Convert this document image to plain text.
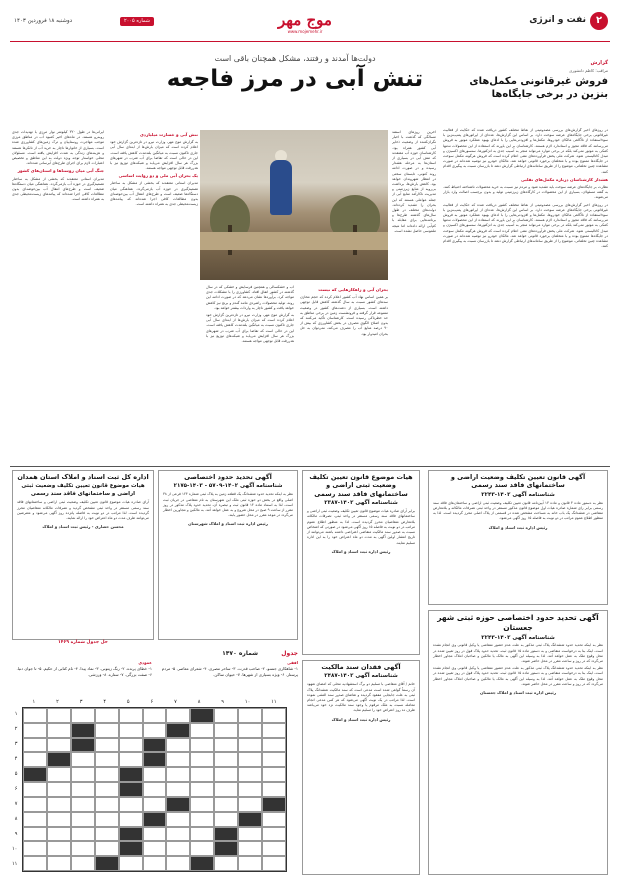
۲
نفت و انرژی
موج مهر
www.mojemehr.ir
شماره ۲۰۰۵
دوشنبه ۱۸ فروردین ۱۴۰۳
گزارش
مراقب: کاظم دانشوری
فروش غیرقانونی مکمل‌های بنزین در برخی جایگاه‌ها

در روزهای اخیر گزارش‌های بررسی مصدومیتی از نقاط مختلف کشور دریافت شده که حکایت از فعالیت غیرقانونی برخی جایگاه‌های عرضه سوخت دارد. بر اساس این گزارش‌ها، عده‌ای از اپراتورهای پمپ‌بنزین با سوءاستفاده از ناآگاهی مالکان خودروها، مکمل‌ها و افزودنی‌هایی را با ادعای بهبود عملکرد موتور به فروش می‌رسانند که فاقد مجوز و استاندارد لازم هستند. کارشناسان بر این باورند که استفاده از این محصولات نه‌تنها کمکی به موتور نمی‌کند بلکه در برخی موارد می‌تواند منجر به آسیب جدی به انژکتورها، سنسورهای اکسیژن و مبدل کاتالیستی شود. شرکت ملی پخش فرآورده‌های نفتی اعلام کرده است که فروش هرگونه مکمل سوخت در جایگاه‌ها ممنوع بوده و با متخلفان برخورد قانونی خواهد شد. مالکان خودرو نیز توصیه شده‌اند در صورت مشاهده چنین تخلفاتی، موضوع را از طریق سامانه‌های ارتباطی گزارش دهند تا بازرسان نسبت به پیگیری اقدام کنند.

هشدار کارشناسان درباره مکمل‌های تقلبی

نظارت بر جایگاه‌های عرضه سوخت باید تشدید شود و مردم نیز نسبت به خرید محصولات ناشناخته احتیاط کنند. به گفته مسئولان، بسیاری از این محصولات در کارگاه‌های زیرزمینی تولید و بدون برچسب اصالت وارد بازار می‌شوند.

در روزهای اخیر گزارش‌های بررسی مصدومیتی از نقاط مختلف کشور دریافت شده که حکایت از فعالیت غیرقانونی برخی جایگاه‌های عرضه سوخت دارد. بر اساس این گزارش‌ها، عده‌ای از اپراتورهای پمپ‌بنزین با سوءاستفاده از ناآگاهی مالکان خودروها، مکمل‌ها و افزودنی‌هایی را با ادعای بهبود عملکرد موتور به فروش می‌رسانند که فاقد مجوز و استاندارد لازم هستند. کارشناسان بر این باورند که استفاده از این محصولات نه‌تنها کمکی به موتور نمی‌کند بلکه در برخی موارد می‌تواند منجر به آسیب جدی به انژکتورها، سنسورهای اکسیژن و مبدل کاتالیستی شود. شرکت ملی پخش فرآورده‌های نفتی اعلام کرده است که فروش هرگونه مکمل سوخت در جایگاه‌ها ممنوع بوده و با متخلفان برخورد قانونی خواهد شد. مالکان خودرو نیز توصیه شده‌اند در صورت مشاهده چنین تخلفاتی، موضوع را از طریق سامانه‌های ارتباطی گزارش دهند تا بازرسان نسبت به پیگیری اقدام کنند.

دولت‌ها آمدند و رفتند، مشکل همچنان باقی است
تنش آبی در مرز فاجعه

آخرین روزهای اسفند مسالگی که گذشت با اخبار نگران‌کننده از وضعیت ذخایر آبی کشور همراه بود. کارشناسان حوزه آب معتقدند که تنش آبی در بسیاری از استان‌ها به مرحله هشدار رسیده و در صورت ادامه روند کنونی، تابستان سختی در انتظار شهروندان خواهد بود. کاهش بارش‌ها، برداشت بی‌رویه از منابع زیرزمینی و مدیریت ناکارآمد منابع آبی از جمله عواملی هستند که این بحران را تشدید کرده‌اند. دولت‌های مختلف در طول سال‌های گذشته طرح‌ها و برنامه‌هایی برای مقابله با کم‌آبی ارائه داده‌اند اما نتیجه ملموسی حاصل نشده است.

بحران آبی و راهکارهایی که نیست

بر همین اساس نهاد آب کشور اعلام کرده که حجم مخازن سدهای کشور نسبت به سال گذشته کاهش قابل توجهی داشته است. بسیاری از دشت‌های کشور در وضعیت ممنوعه قرار گرفته و فرونشست زمین در برخی مناطق به حد خطرناکی رسیده است. کارشناسان تأکید می‌کنند که بدون اصلاح الگوی مصرف در بخش کشاورزی که بیش از ۹۰ درصد منابع آب را مصرف می‌کند، نمی‌توان به حل بحران امیدوار بود.

آب و خشکسالی و همچنین فرسایش و خشکی که در سال گذشته در کشور اتفاق افتاد، کشاورزی را با مشکلات جدی مواجه کرد. برآوردها نشان می‌دهد که در صورت ادامه این روند، تولید محصولات راهبردی مانند گندم و برنج نیز کاهش خواهد یافت و کشور ناچار به واردات بیشتر خواهد بود.

به گزارش موج مهر، وزارت نیرو در تازه‌ترین گزارش خود اعلام کرده است که میزان بارش‌ها از ابتدای سال آبی جاری تاکنون نسبت به میانگین بلندمدت کاهش یافته است. این در حالی است که تقاضا برای آب شرب در شهرهای بزرگ هر سال افزایش می‌یابد و شبکه‌های توزیع نیز با هدررفت قابل توجهی مواجه هستند.

تنش آبی و خسارت میلیاردی

به گزارش موج مهر، وزارت نیرو در تازه‌ترین گزارش خود اعلام کرده است که میزان بارش‌ها از ابتدای سال آبی جاری تاکنون نسبت به میانگین بلندمدت کاهش یافته است. این در حالی است که تقاضا برای آب شرب در شهرهای بزرگ هر سال افزایش می‌یابد و شبکه‌های توزیع نیز با هدررفت قابل توجهی مواجه هستند.

یک بحران آبی ملی و دو روایت اساسی

مدیران استانی معتقدند که بخشی از مشکل به ساختار تصمیم‌گیری در حوزه آب بازمی‌گردد. هماهنگی میان دستگاه‌ها ضعیف است و طرح‌های انتقال آب بین‌حوضه‌ای بدون مطالعات کافی اجرا شده‌اند که پیامدهای زیست‌محیطی جدی به همراه داشته است.

ایرانی‌ها در طول ۳۲۰ کیلومتر نوار مرزی با تهدیدات جدی روبه‌رو هستند. در ماه‌های اخیر کمبود آب در مناطق مرزی موجب مهاجرت روستاییان و ترک زمین‌های کشاورزی شده است. بسیاری از خانوارها ناچار به خرید آب از تانکرها هستند و هزینه‌های زندگی به شدت افزایش یافته است. مسئولان محلی خواستار توجه ویژه دولت به این مناطق و تخصیص اعتبارات لازم برای اجرای طرح‌های آبرسانی شده‌اند.

جنگ آبی میان روستاها و استان‌های کشور

مدیران استانی معتقدند که بخشی از مشکل به ساختار تصمیم‌گیری در حوزه آب بازمی‌گردد. هماهنگی میان دستگاه‌ها ضعیف است و طرح‌های انتقال آب بین‌حوضه‌ای بدون مطالعات کافی اجرا شده‌اند که پیامدهای زیست‌محیطی جدی به همراه داشته است.

آگهی قانون تعیین تکلیف وضعیت اراضی و ساختمانهای فاقد سند رسمی
شناسنامه آگهی ۱۴۰۲-۲۲۴۳
نظر به دستور ماده ۳ قانون و ماده ۱۳ آیین‌نامه قانون تعیین تکلیف وضعیت ثبتی اراضی و ساختمان‌های فاقد سند رسمی برابر رای شماره صادره هیات اول موضوع قانون مذکور مستقر در واحد ثبتی تصرفات مالکانه و بلامعارض متقاضی در ششدانگ یک باب خانه به مساحت مشخص شده در قسمتی از پلاک اصلی محرز گردیده است. لذا به منظور اطلاع عموم مراتب در دو نوبت به فاصله ۱۵ روز آگهی می‌شود.
رئیس اداره ثبت اسناد و املاک
هیات موضوع قانون تعیین تکلیف وضعیت ثبتی اراضی و ساختمانهای فاقد سند رسمی
شناسنامه آگهی ۱۴۰۲-۲۳۸۷
برابر آرای صادره هیات موضوع قانون تعیین تکلیف وضعیت ثبتی اراضی و ساختمانهای فاقد سند رسمی مستقر در واحد ثبتی، تصرفات مالکانه بلامعارض متقاضیان محرز گردیده است. لذا به منظور اطلاع عموم مراتب در دو نوبت به فاصله ۱۵ روز آگهی می‌شود در صورتی که اشخاص نسبت به صدور سند مالکیت متقاضی اعتراضی داشته باشند می‌توانند از تاریخ انتشار اولین آگهی به مدت دو ماه اعتراض خود را به این اداره تسلیم نمایند.
رئیس اداره ثبت اسناد و املاک
آگهی تحدید حدود اختصاصی
شناسنامه آگهی ۱۴۰۲-۵۷۰۹ - ۱۴۰۳-۲۱۷۵
نظر به اینکه تحدید حدود ششدانگ یک قطعه زمین به پلاک ثبتی شماره ۱۲۴ فرعی از ۳۸ اصلی واقع در بخش دو حوزه ثبتی ملک این شهرستان به نام متقاضی در جریان ثبت است، لذا به استناد ماده ۱۴ قانون ثبت و تبصره آن، تحدید حدود پلاک مذکور در روز مقرر از ساعت ۹ صبح در محل شروع و به عمل خواهد آمد. به مالکین و مجاورین اخطار می‌گردد در موعد مقرر در محل حضور یابند.
رئیس اداره ثبت اسناد و املاک شهرستان
اداره کل ثبت اسناد و املاک استان همدان
هیات موضوع قانون تعیین تکلیف وضعیت ثبتی اراضی و ساختمانهای فاقد سند رسمی
آرای صادره هیات موضوع قانون تعیین تکلیف وضعیت ثبتی اراضی و ساختمانهای فاقد سند رسمی مستقر در واحد ثبتی مشخص گردید و تصرفات مالکانه متقاضیان محرز گردیده است. لذا مراتب در دو نوبت به فاصله پانزده روز آگهی می‌شود و معترضین می‌توانند ظرف مدت دو ماه اعتراض خود را ارائه نمایند.
محسن حصاری - رئیس ثبت اسناد و املاک
آگهی تحدید حدود اختصاصی حوزه ثبتی شهر جعستان
شناسنامه آگهی ۱۴۰۲-۲۲۴۳
نظر به اینکه تحدید حدود ششدانگ پلاک ثبتی مذکور به علت عدم حضور متقاضی یا وکیل قانونی وی انجام نشده است، اینک بنا به درخواست متقاضی و به دستور ماده ۱۵ قانون ثبت، تحدید حدود پلاک فوق در روز تعیین شده در محل وقوع ملک به عمل خواهد آمد. لذا به وسیله این آگهی به مالک یا مالکین و صاحبان املاک مجاور اخطار می‌گردد که در روز و ساعت مقرر در محل حاضر شوند.
نظر به اینکه تحدید حدود ششدانگ پلاک ثبتی مذکور به علت عدم حضور متقاضی یا وکیل قانونی وی انجام نشده است، اینک بنا به درخواست متقاضی و به دستور ماده ۱۵ قانون ثبت، تحدید حدود پلاک فوق در روز تعیین شده در محل وقوع ملک به عمل خواهد آمد. لذا به وسیله این آگهی به مالک یا مالکین و صاحبان املاک مجاور اخطار می‌گردد که در روز و ساعت مقرر در محل حاضر شوند.
رئیس اداره ثبت اسناد و املاک جعستان
آگهی فقدان سند مالکیت
شناسنامه آگهی ۱۴۰۲-۲۴۸۷
خانم / آقای متقاضی با تسلیم دو برگ استشهادیه محلی که امضای شهود آن رسماً گواهی شده است مدعی است که سند مالکیت ششدانگ پلاک ثبتی به علت جابجایی مفقود گردیده و تقاضای صدور سند المثنی نموده است. لذا مراتب در یک نوبت آگهی می‌شود که هر کس مدعی انجام معامله نسبت به ملک مرقوم یا وجود سند مالکیت نزد خود می‌باشد ظرف ده روز اعتراض خود را تسلیم نماید.
رئیس اداره ثبت اسناد و املاک
جدول
شماره ۱۴۷۰
افقی
۱- شاهکاری جنسو. ۲- صاحب قدرت. ۳- ساحر مصری. ۴- شعرای معاصر. ۵- مردم پرستار. ۶- ویژه بسیاری از شهرها. ۷- حیوان ساکن.
عمودی
۱- خطای پرنده. ۲- رنگ زیتونی. ۳- نماد پیدا. ۴- نام کتابی از حکیم. ۵- تا جوان دنیا. ۶- صفت بزرگی. ۷- ستاره. ۸- ورزشی.
۱۱
۱۰
۹
۸
۷
۶
۵
۴
۳
۲
۱
۱
۲
۳
۴
۵
۶
۷
۸
۹
۱۰
۱۱
حل جدول شماره ۱۴۶۹
